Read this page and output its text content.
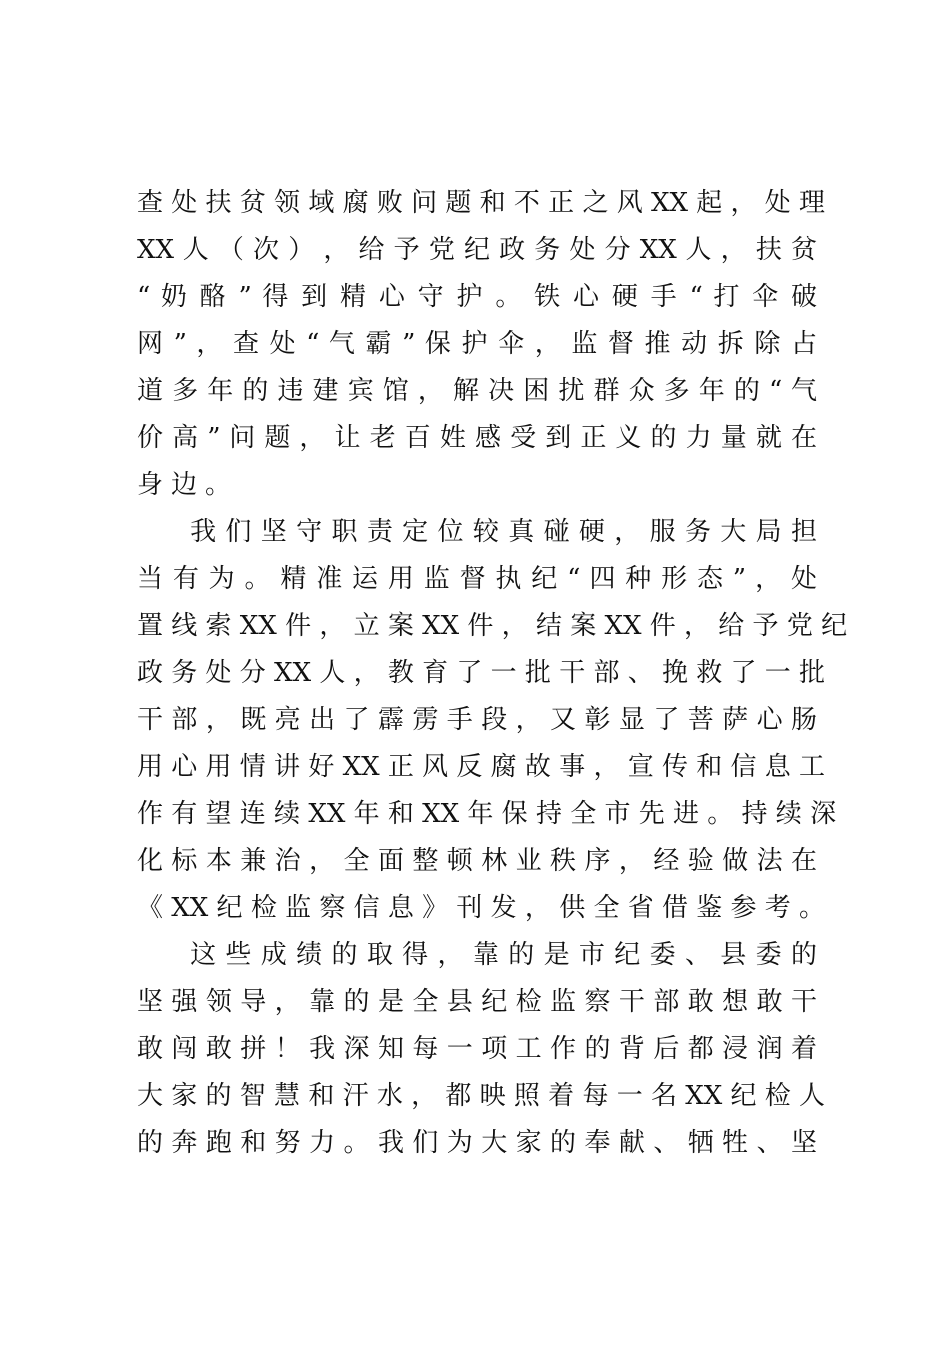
查 处 扶 贫 领 域 腐 败 问 题 和 不 正 之 风 XX 起 ， 处 理
XX 人 （ 次 ） ， 给 予 党 纪 政 务 处 分 XX 人 ， 扶 贫
“ 奶 酪 ” 得 到 精 心 守 护 。 铁 心 硬 手 “ 打 伞 破
网 ” ， 查 处 “ 气 霸 ” 保 护 伞 ， 监 督 推 动 拆 除 占
道 多 年 的 违 建 宾 馆 ， 解 决 困 扰 群 众 多 年 的 “ 气
价 高 ” 问 题 ， 让 老 百 姓 感 受 到 正 义 的 力 量 就 在
身边。
　　我 们 坚 守 职 责 定 位 较 真 碰 硬 ， 服 务 大 局 担
当 有 为 。 精 准 运 用 监 督 执 纪 “ 四 种 形 态 ” ， 处
置 线 索 XX 件 ， 立 案 XX 件 ， 结 案 XX 件 ， 给 予 党 纪
政 务 处 分 XX 人 ， 教 育 了 一 批 干 部 、 挽 救 了 一 批
干 部 ， 既 亮 出 了 霹 雳 手 段 ， 又 彰 显 了 菩 萨 心 肠
用 心 用 情 讲 好 XX 正 风 反 腐 故 事 ， 宣 传 和 信 息 工
作 有 望 连 续 XX 年 和 XX 年 保 持 全 市 先 进 。 持 续 深
化 标 本 兼 治 ， 全 面 整 顿 林 业 秩 序 ， 经 验 做 法 在
《 XX 纪 检 监 察 信 息 》 刊 发 ， 供 全 省 借 鉴 参 考 。
　　这 些 成 绩 的 取 得 ， 靠 的 是 市 纪 委 、 县 委 的
坚 强 领 导 ， 靠 的 是 全 县 纪 检 监 察 干 部 敢 想 敢 干
敢 闯 敢 拼 ！ 我 深 知 每 一 项 工 作 的 背 后 都 浸 润 着
大 家 的 智 慧 和 汗 水 ， 都 映 照 着 每 一 名 XX 纪 检 人
的 奔 跑 和 努 力 。 我 们 为 大 家 的 奉 献 、 牺 牲 、 坚
